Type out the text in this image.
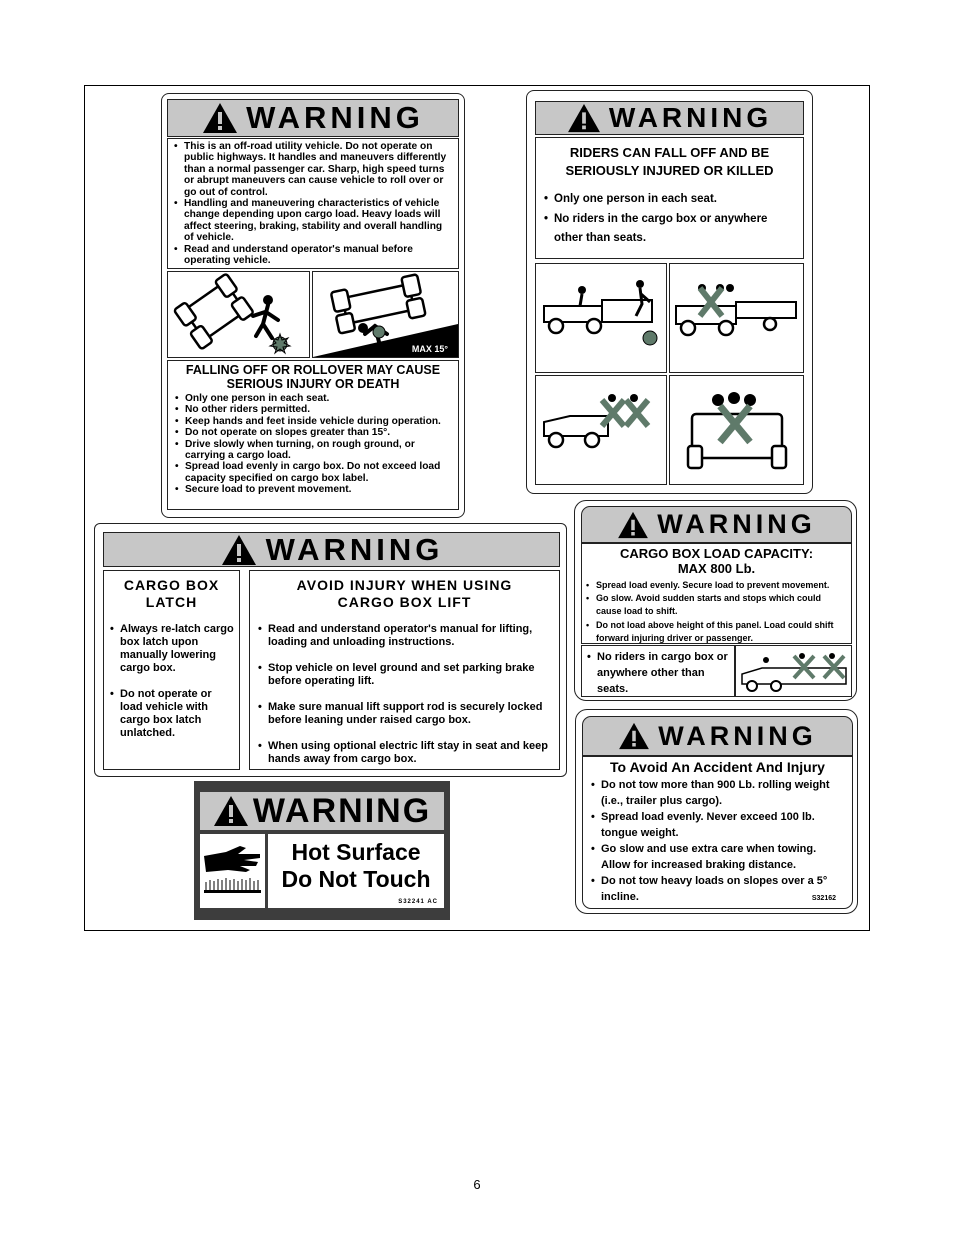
WARNING
• This is an off-road utility vehicle. Do not operate on public highways. It handles and maneuvers differently than a normal passenger car. Sharp, high speed turns or abrupt maneuvers can cause vehicle to roll over or go out of control.
• Handling and maneuvering characteristics of vehicle change depending upon cargo load. Heavy loads will affect steering, braking, stability and overall handling of vehicle.
• Read and understand operator's manual before operating vehicle.
MAX 15°
FALLING OFF OR ROLLOVER MAY CAUSE SERIOUS INJURY OR DEATH
• Only one person in each seat.
• No other riders permitted.
• Keep hands and feet inside vehicle during operation.
• Do not operate on slopes greater than 15°.
• Drive slowly when turning, on rough ground, or carrying a cargo load.
• Spread load evenly in cargo box. Do not exceed load capacity specified on cargo box label.
• Secure load to prevent movement.
WARNING
RIDERS CAN FALL OFF AND BE SERIOUSLY INJURED OR KILLED
• Only one person in each seat.
• No riders in the cargo box or anywhere other than seats.
WARNING
CARGO BOX LATCH
• Always re-latch cargo box latch upon manually lowering cargo box.
• Do not operate or load vehicle with cargo box latch unlatched.
AVOID INJURY WHEN USING CARGO BOX LIFT
• Read and understand operator's manual for lifting, loading and unloading instructions.
• Stop vehicle on level ground and set parking brake before operating lift.
• Make sure manual lift support rod is securely locked before leaning under raised cargo box.
• When using optional electric lift stay in seat and keep hands away from cargo box.
WARNING
CARGO BOX LOAD CAPACITY: MAX 800 Lb.
• Spread load evenly. Secure load to prevent movement.
• Go slow. Avoid sudden starts and stops which could cause load to shift.
• Do not load above height of this panel. Load could shift forward injuring driver or passenger.
• No riders in cargo box or anywhere other than seats.
WARNING
To Avoid An Accident And Injury
• Do not tow more than 900 Lb. rolling weight (i.e., trailer plus cargo).
• Spread load evenly. Never exceed 100 lb. tongue weight.
• Go slow and use extra care when towing. Allow for increased braking distance.
• Do not tow heavy loads on slopes over a 5° incline.	S32162
WARNING
Hot Surface
Do Not Touch
S32241 AC
6
